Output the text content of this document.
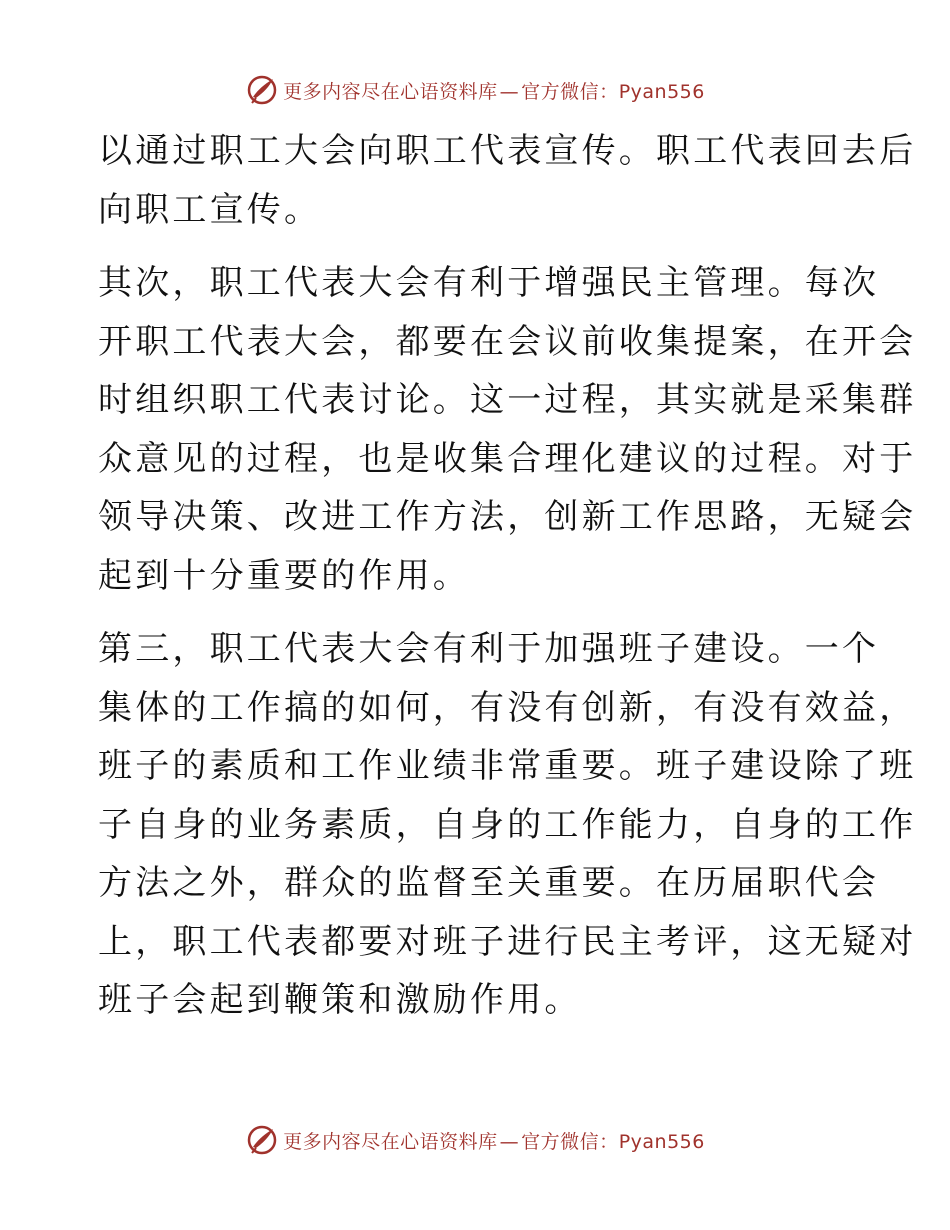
更多内容尽在心语资料库 — 官方微信：Pyan556
以通过职工大会向职工代表宣传。职工代表回去后
向职工宣传。
其次，职工代表大会有利于增强民主管理。每次
开职工代表大会，都要在会议前收集提案，在开会
时组织职工代表讨论。这一过程，其实就是采集群
众意见的过程，也是收集合理化建议的过程。对于
领导决策、改进工作方法，创新工作思路，无疑会
起到十分重要的作用。
第三，职工代表大会有利于加强班子建设。一个
集体的工作搞的如何，有没有创新，有没有效益，
班子的素质和工作业绩非常重要。班子建设除了班
子自身的业务素质，自身的工作能力，自身的工作
方法之外，群众的监督至关重要。在历届职代会
上，职工代表都要对班子进行民主考评，这无疑对
班子会起到鞭策和激励作用。
更多内容尽在心语资料库 — 官方微信：Pyan556
